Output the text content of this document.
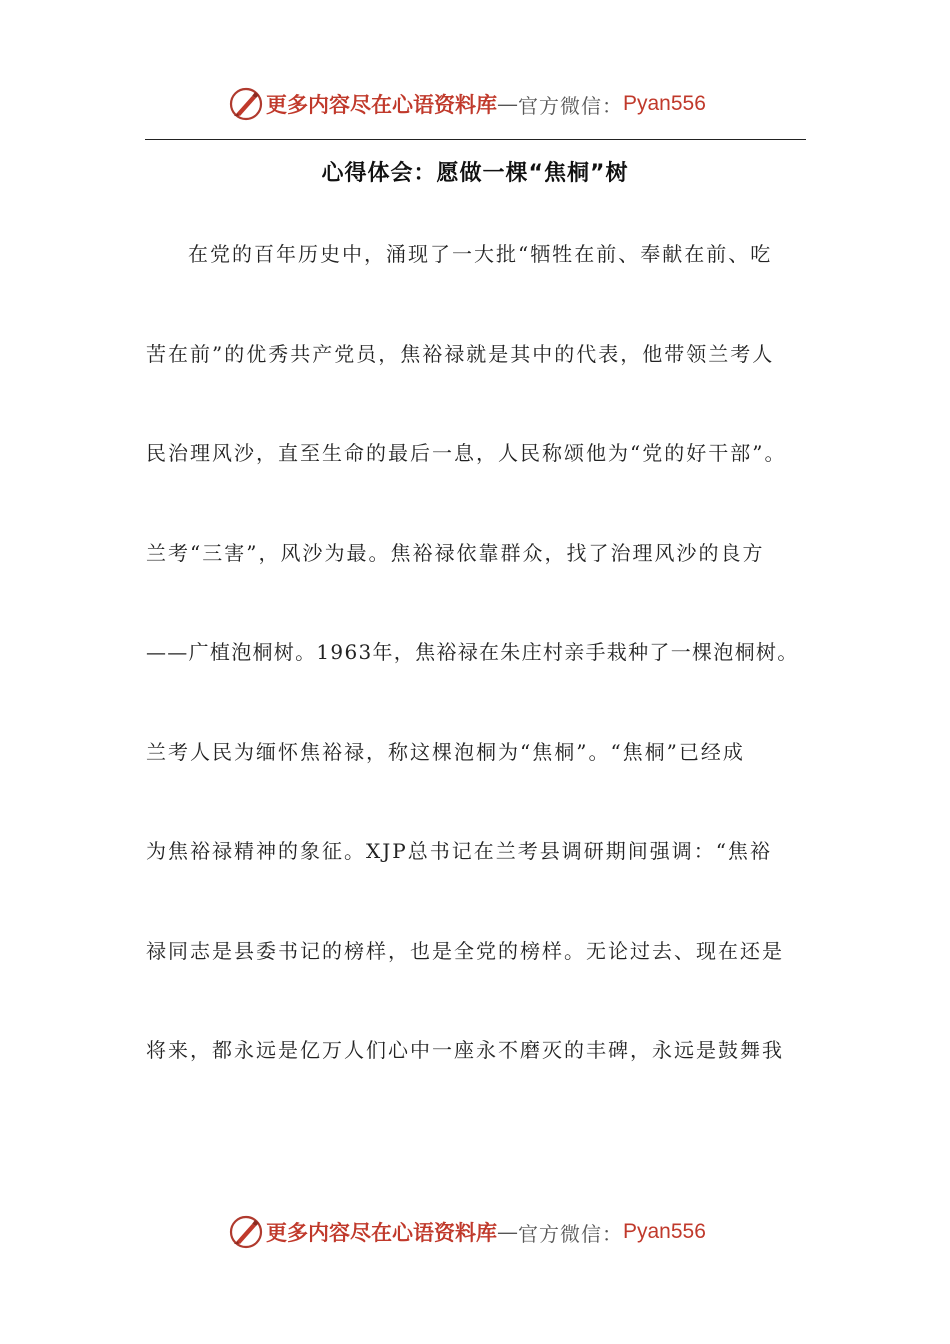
更多内容尽在心语资料库 — 官方微信： Pyan556
心得体会：愿做一棵“焦桐”树
在党的百年历史中，涌现了一大批“牺牲在前、奉献在前、吃
苦在前”的优秀共产党员，焦裕禄就是其中的代表，他带领兰考人
民治理风沙，直至生命的最后一息，人民称颂他为“党的好干部”。
兰考“三害”，风沙为最。焦裕禄依靠群众，找了治理风沙的良方
——广植泡桐树。1963年，焦裕禄在朱庄村亲手栽种了一棵泡桐树。
兰考人民为缅怀焦裕禄，称这棵泡桐为“焦桐”。“焦桐”已经成
为焦裕禄精神的象征。XJP总书记在兰考县调研期间强调：“焦裕
禄同志是县委书记的榜样，也是全党的榜样。无论过去、现在还是
将来，都永远是亿万人们心中一座永不磨灭的丰碑，永远是鼓舞我
更多内容尽在心语资料库 — 官方微信： Pyan556
